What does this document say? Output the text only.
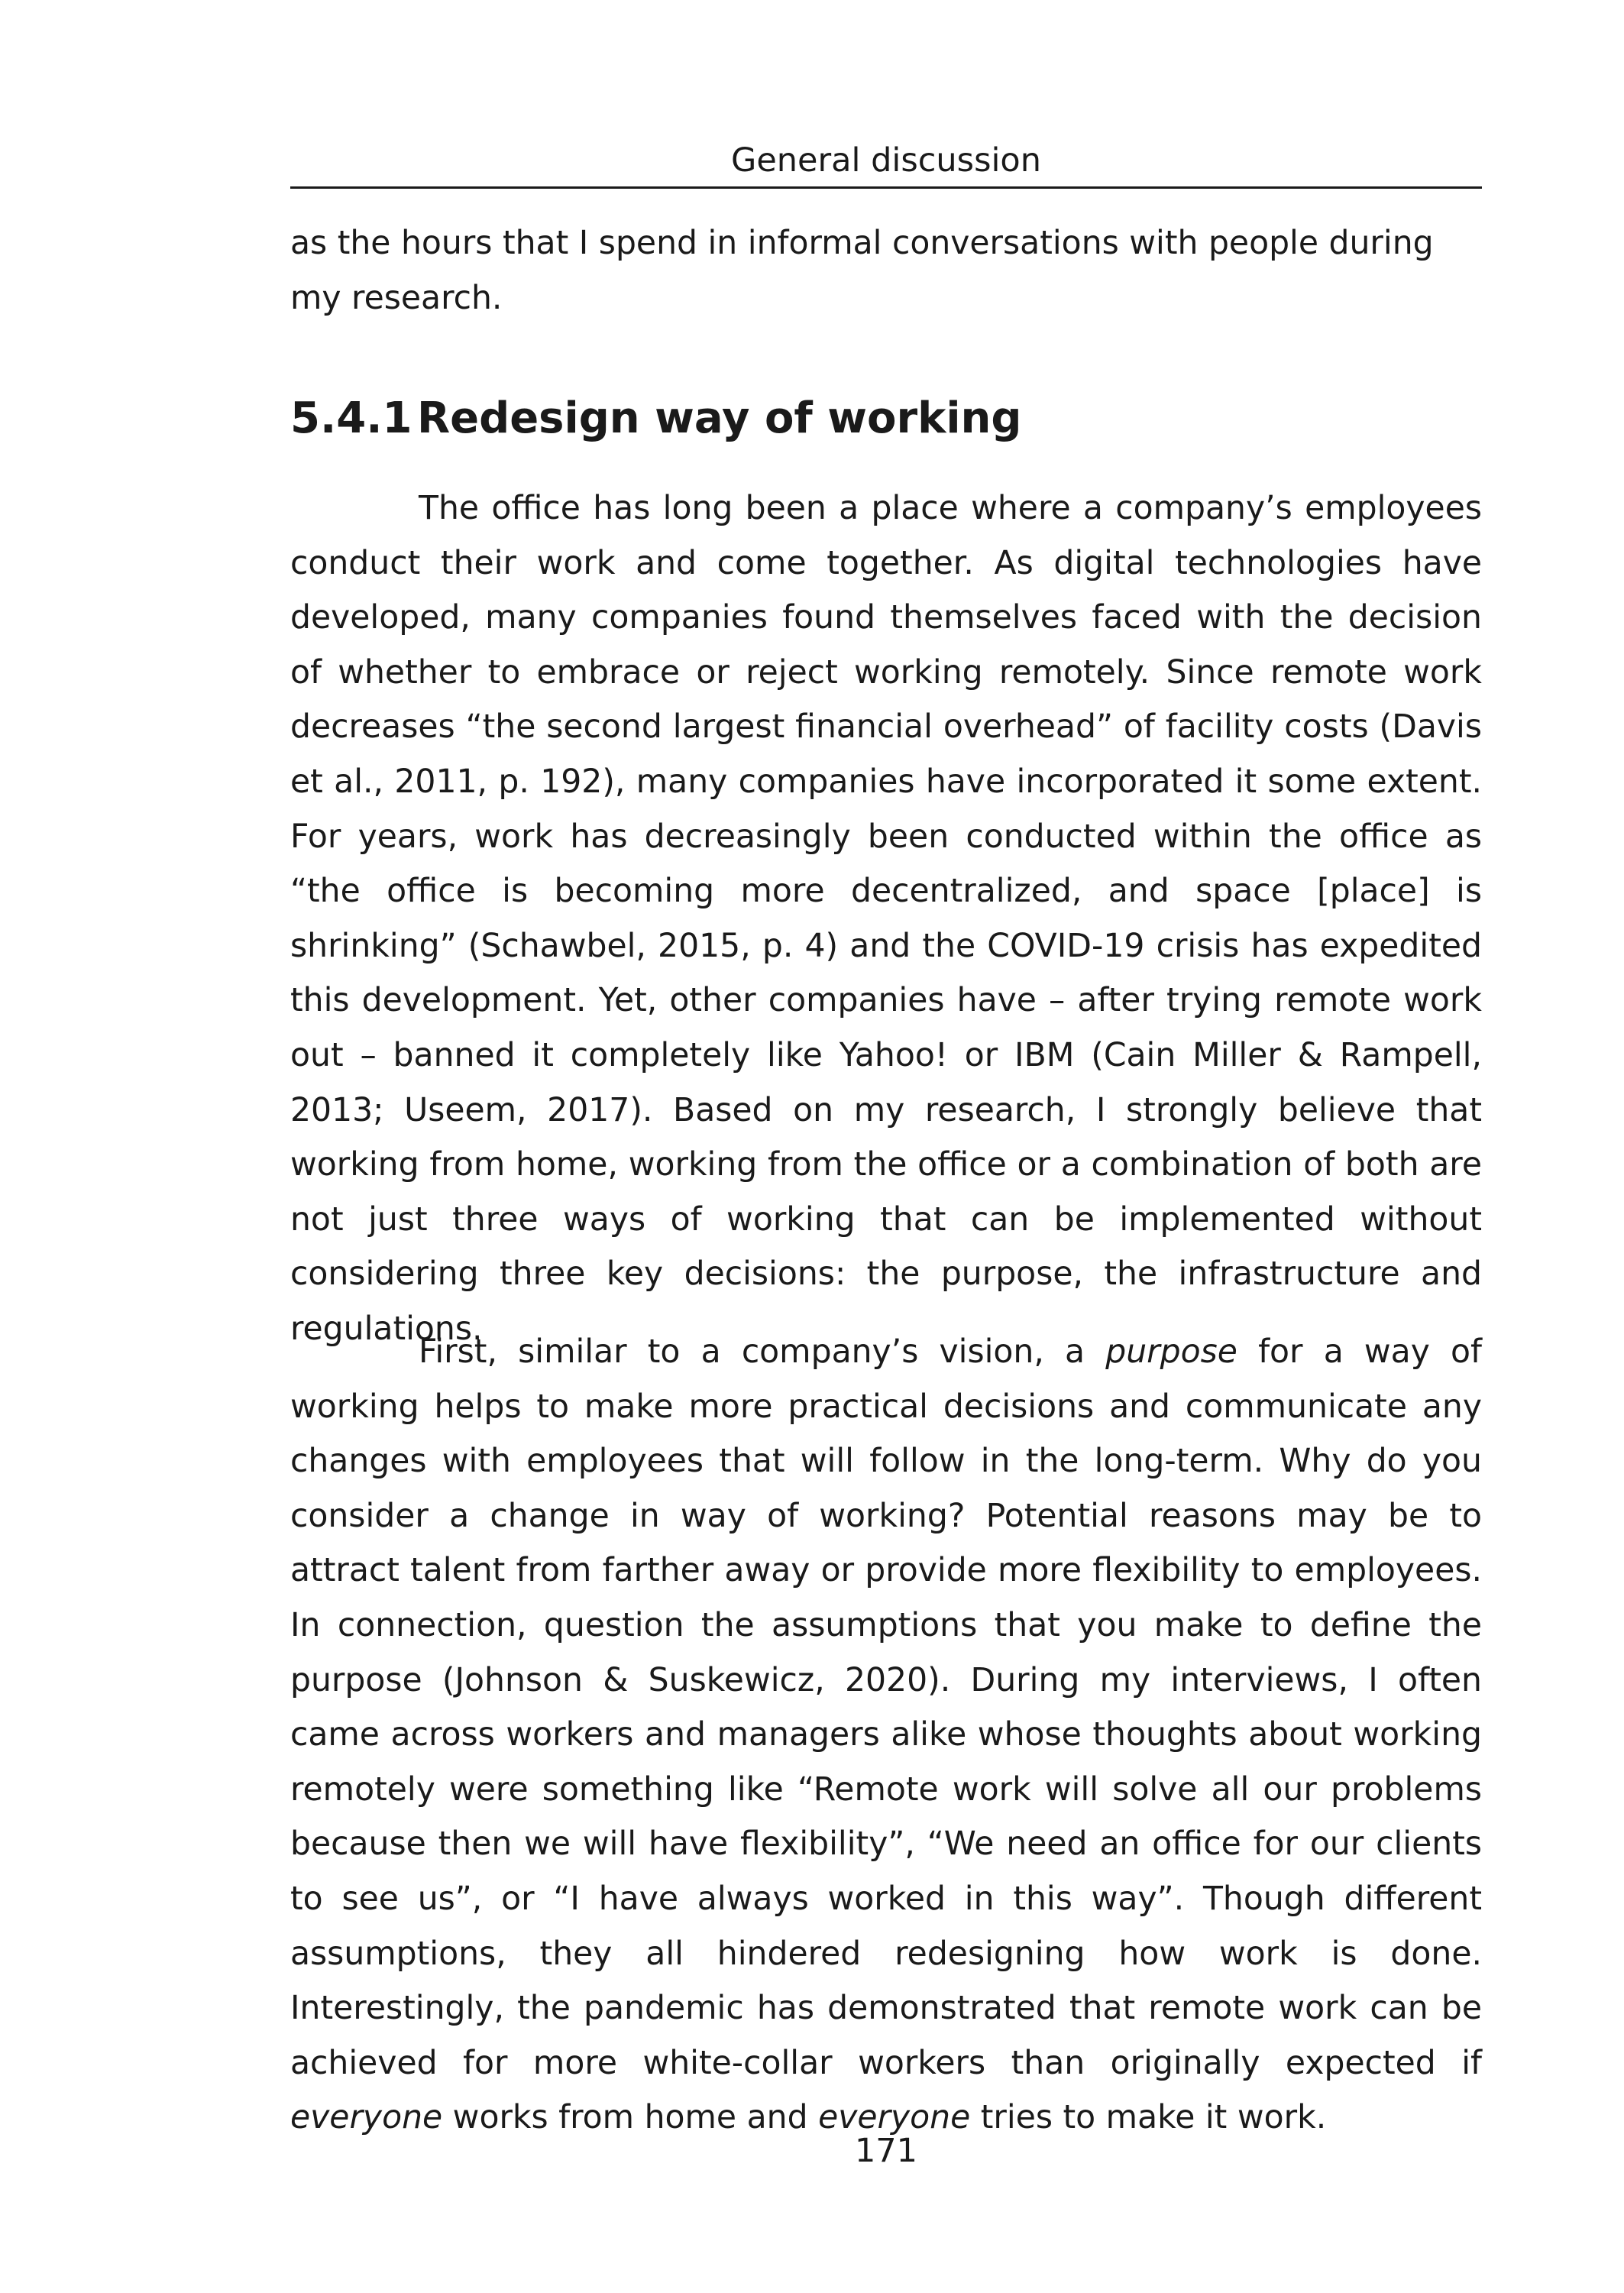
General discussion
as the hours that I spend in informal conversations with people during my research.
5.4.1 Redesign way of working

The office has long been a place where a company’s employees conduct their work and come together. As digital technologies have developed, many companies found themselves faced with the decision of whether to embrace or reject working remotely. Since remote work decreases “the second largest financial overhead” of facility costs (Davis et al., 2011, p. 192), many companies have incorporated it some extent. For years, work has decreasingly been conducted within the office as “the office is becoming more decentralized, and space [place] is shrinking” (Schawbel, 2015, p. 4) and the COVID-19 crisis has expedited this development. Yet, other companies have – after trying remote work out – banned it completely like Yahoo! or IBM (Cain Miller & Rampell, 2013; Useem, 2017). Based on my research, I strongly believe that working from home, working from the office or a combination of both are not just three ways of working that can be implemented without considering three key decisions: the purpose, the infrastructure and regulations.

First, similar to a company’s vision, a purpose for a way of working helps to make more practical decisions and communicate any changes with employees that will follow in the long-term. Why do you consider a change in way of working? Potential reasons may be to attract talent from farther away or provide more flexibility to employees. In connection, question the assumptions that you make to define the purpose (Johnson & Suskewicz, 2020). During my interviews, I often came across workers and managers alike whose thoughts about working remotely were something like “Remote work will solve all our problems because then we will have flexibility”, “We need an office for our clients to see us”, or “I have always worked in this way”. Though different assumptions, they all hindered redesigning how work is done. Interestingly, the pandemic has demonstrated that remote work can be achieved for more white-collar workers than originally expected if everyone works from home and everyone tries to make it work.

171
